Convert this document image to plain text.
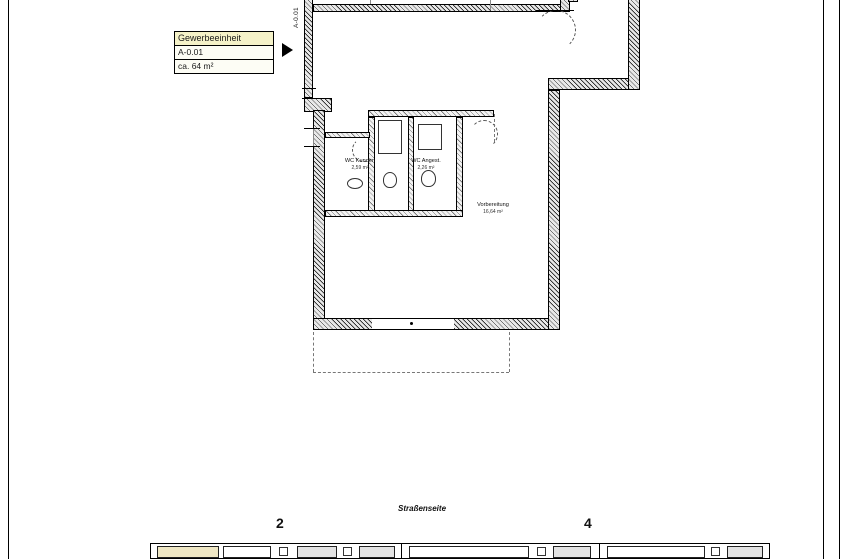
Gewerbeeinheit
A-0.01
ca. 64 m²
A-0.01
WC Kunden
2,59 m²
WC Angest.
2,26 m²
Vorbereitung
16,64 m²
Straßenseite
2	4
